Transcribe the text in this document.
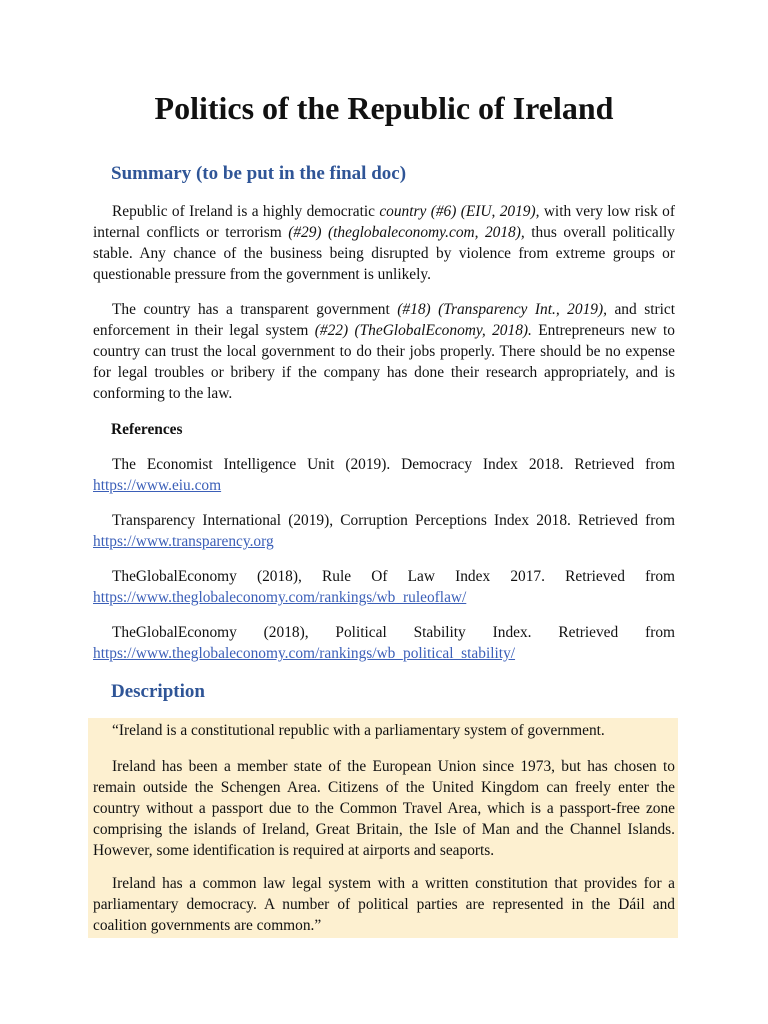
Politics of the Republic of Ireland
Summary (to be put in the final doc)

Republic of Ireland is a highly democratic country (#6) (EIU, 2019), with very low risk of internal conflicts or terrorism (#29) (theglobaleconomy.com, 2018), thus overall politically stable. Any chance of the business being disrupted by violence from extreme groups or questionable pressure from the government is unlikely.

The country has a transparent government (#18) (Transparency Int., 2019), and strict enforcement in their legal system (#22) (TheGlobalEconomy, 2018). Entrepreneurs new to country can trust the local government to do their jobs properly. There should be no expense for legal troubles or bribery if the company has done their research appropriately, and is conforming to the law.

References

The Economist Intelligence Unit (2019). Democracy Index 2018. Retrieved from
https://www.eiu.com

Transparency International (2019), Corruption Perceptions Index 2018. Retrieved from
https://www.transparency.org

TheGlobalEconomy (2018), Rule Of Law Index 2017. Retrieved from
https://www.theglobaleconomy.com/rankings/wb_ruleoflaw/

TheGlobalEconomy (2018), Political Stability Index. Retrieved from
https://www.theglobaleconomy.com/rankings/wb_political_stability/

Description

“Ireland is a constitutional republic with a parliamentary system of government.

Ireland has been a member state of the European Union since 1973, but has chosen to remain outside the Schengen Area. Citizens of the United Kingdom can freely enter the country without a passport due to the Common Travel Area, which is a passport-free zone comprising the islands of Ireland, Great Britain, the Isle of Man and the Channel Islands. However, some identification is required at airports and seaports.

Ireland has a common law legal system with a written constitution that provides for a parliamentary democracy. A number of political parties are represented in the Dáil and coalition governments are common.”
